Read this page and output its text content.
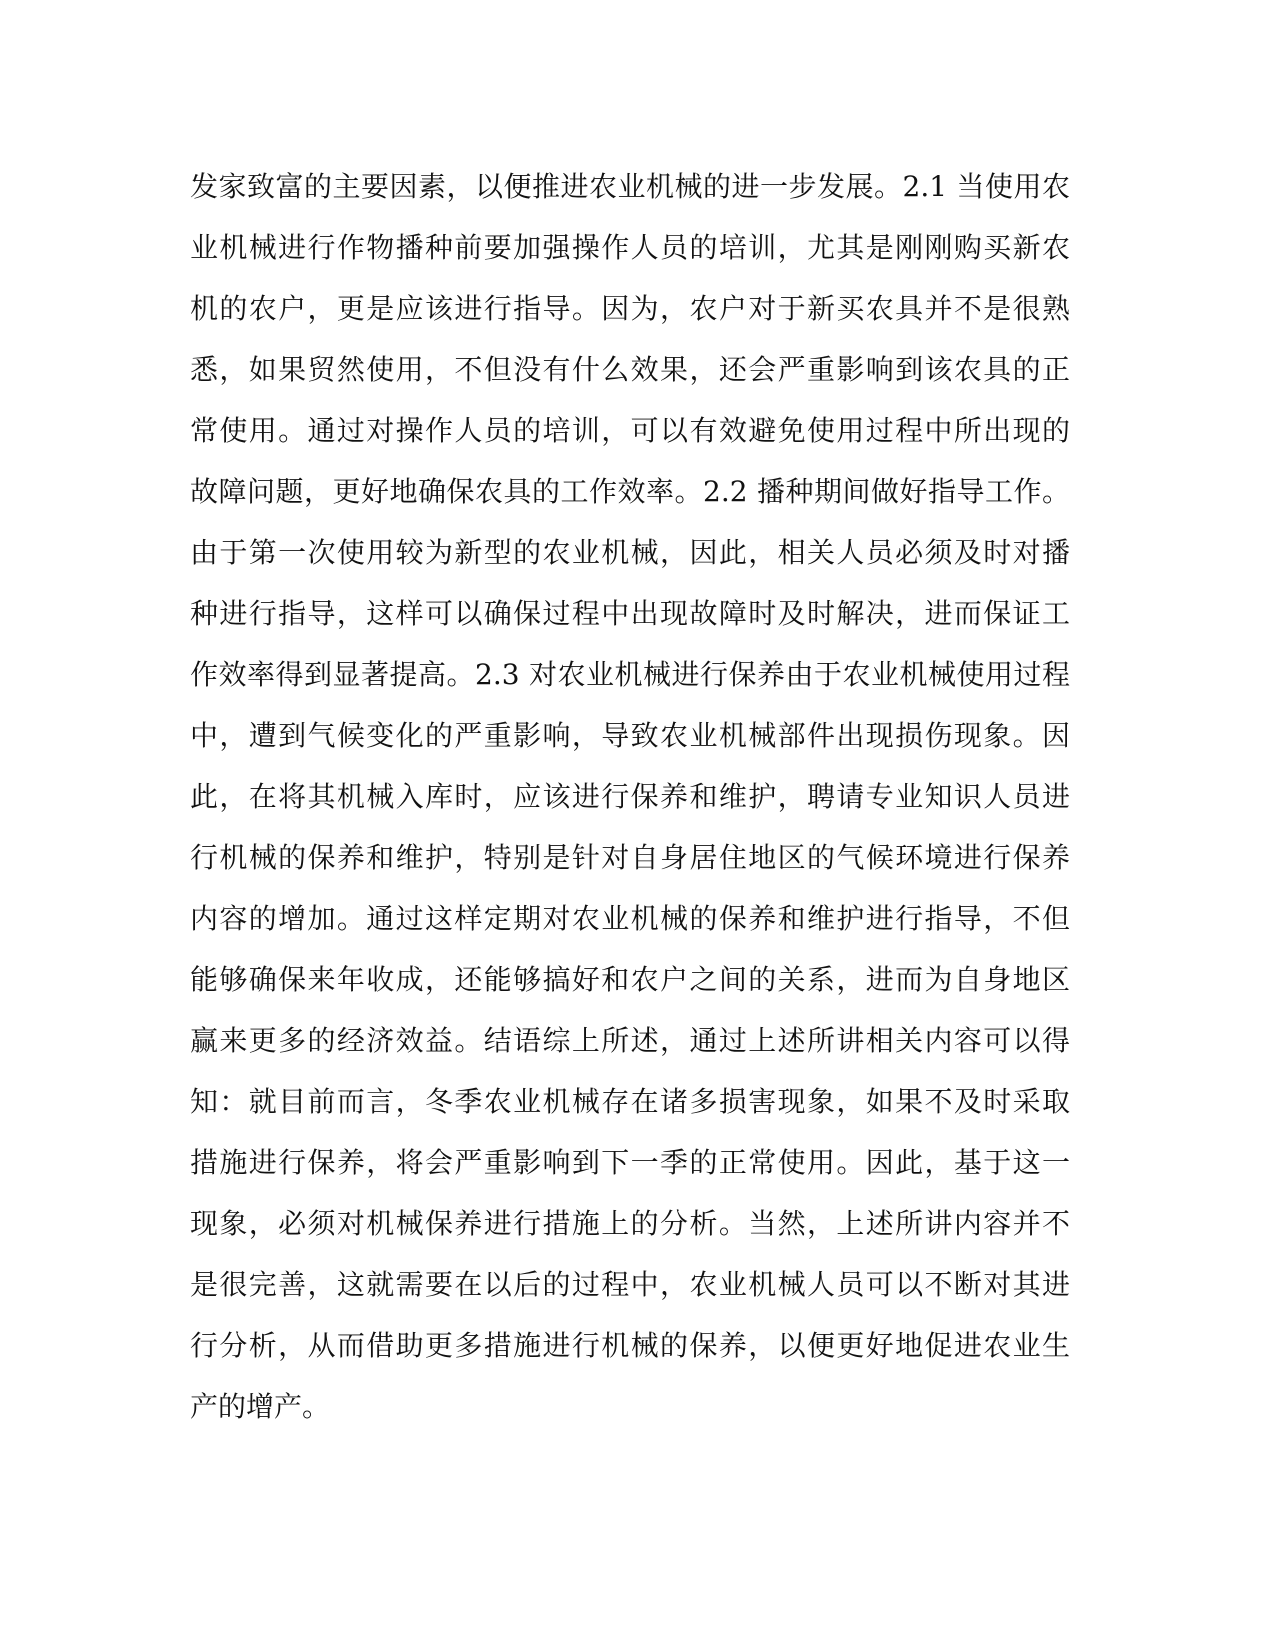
发家致富的主要因素，以便推进农业机械的进一步发展。2.1 当使用农
业机械进行作物播种前要加强操作人员的培训，尤其是刚刚购买新农
机的农户，更是应该进行指导。因为，农户对于新买农具并不是很熟
悉，如果贸然使用，不但没有什么效果，还会严重影响到该农具的正
常使用。通过对操作人员的培训，可以有效避免使用过程中所出现的
故障问题，更好地确保农具的工作效率。2.2 播种期间做好指导工作。
由于第一次使用较为新型的农业机械，因此，相关人员必须及时对播
种进行指导，这样可以确保过程中出现故障时及时解决，进而保证工
作效率得到显著提高。2.3 对农业机械进行保养由于农业机械使用过程
中，遭到气候变化的严重影响，导致农业机械部件出现损伤现象。因
此，在将其机械入库时，应该进行保养和维护，聘请专业知识人员进
行机械的保养和维护，特别是针对自身居住地区的气候环境进行保养
内容的增加。通过这样定期对农业机械的保养和维护进行指导，不但
能够确保来年收成，还能够搞好和农户之间的关系，进而为自身地区
赢来更多的经济效益。结语综上所述，通过上述所讲相关内容可以得
知：就目前而言，冬季农业机械存在诸多损害现象，如果不及时采取
措施进行保养，将会严重影响到下一季的正常使用。因此，基于这一
现象，必须对机械保养进行措施上的分析。当然，上述所讲内容并不
是很完善，这就需要在以后的过程中，农业机械人员可以不断对其进
行分析，从而借助更多措施进行机械的保养，以便更好地促进农业生
产的增产。
